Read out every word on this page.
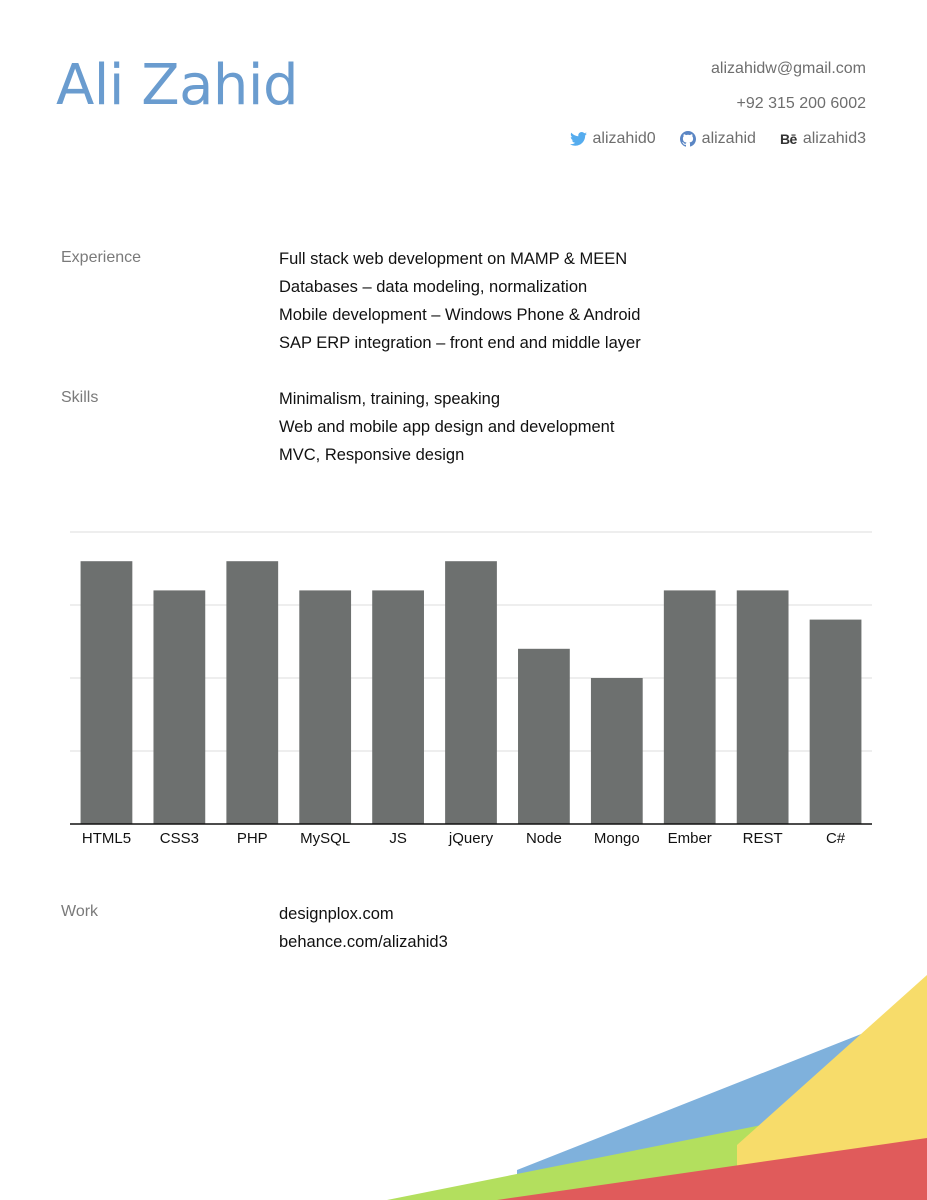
Ali Zahid	alizahidw@gmail.com
+92 315 200 6002
alizahid0	alizahid Bē alizahid3
Experience	Full stack web development on MAMP & MEEN
Databases – data modeling, normalization
Mobile development – Windows Phone & Android
SAP ERP integration – front end and middle layer
Skills	Minimalism, training, speaking
Web and mobile app design and development
MVC, Responsive design
HTML5 CSS3	PHP MySQL	JS	jQuery Node Mongo Ember REST	C#
Work	designplox.com
behance.com/alizahid3
